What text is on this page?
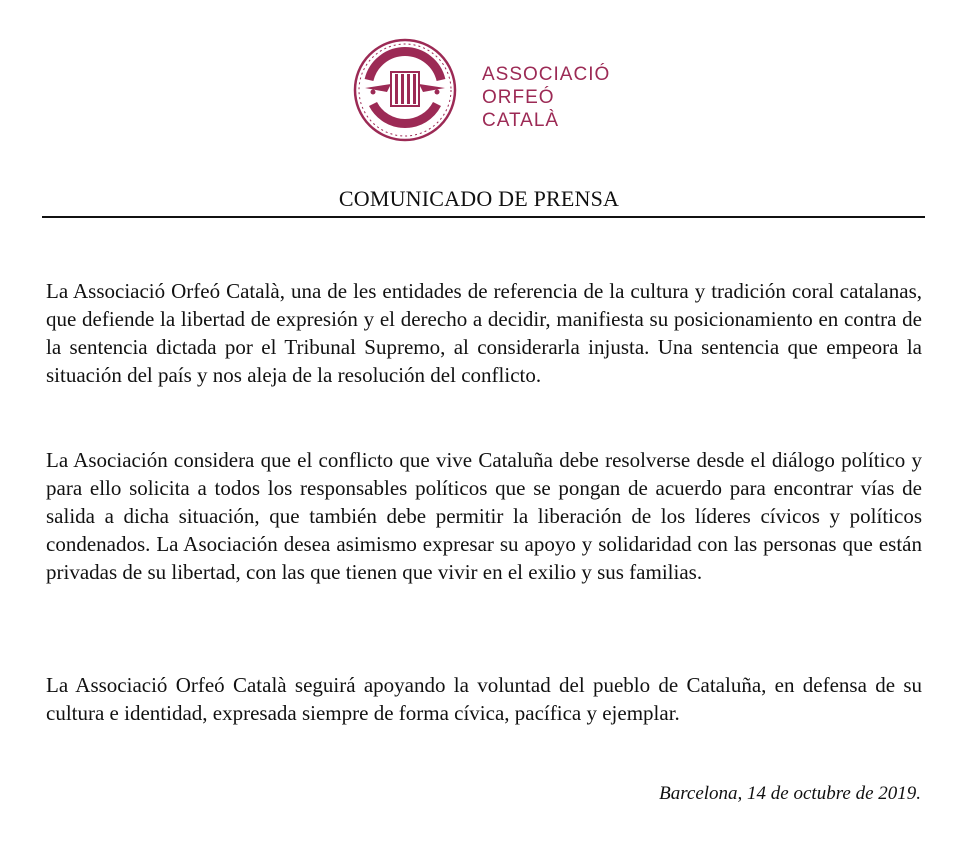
ASSOCIACIÓ
ORFEÓ
CATALÀ
COMUNICADO DE PRENSA

La Associació Orfeó Català, una de les entidades de referencia de la cultura y tradición coral catalanas, que defiende la libertad de expresión y el derecho a decidir, manifiesta su posicionamiento en contra de la sentencia dictada por el Tribunal Supremo, al considerarla injusta. Una sentencia que empeora la situación del país y nos aleja de la resolución del conflicto.

La Asociación considera que el conflicto que vive Cataluña debe resolverse desde el diálogo político y para ello solicita a todos los responsables políticos que se pongan de acuerdo para encontrar vías de salida a dicha situación, que también debe permitir la liberación de los líderes cívicos y políticos condenados. La Asociación desea asimismo expresar su apoyo y solidaridad con las personas que están privadas de su libertad, con las que tienen que vivir en el exilio y sus familias.

La Associació Orfeó Català seguirá apoyando la voluntad del pueblo de Cataluña, en defensa de su cultura e identidad, expresada siempre de forma cívica, pacífica y ejemplar.

Barcelona, 14 de octubre de 2019.
